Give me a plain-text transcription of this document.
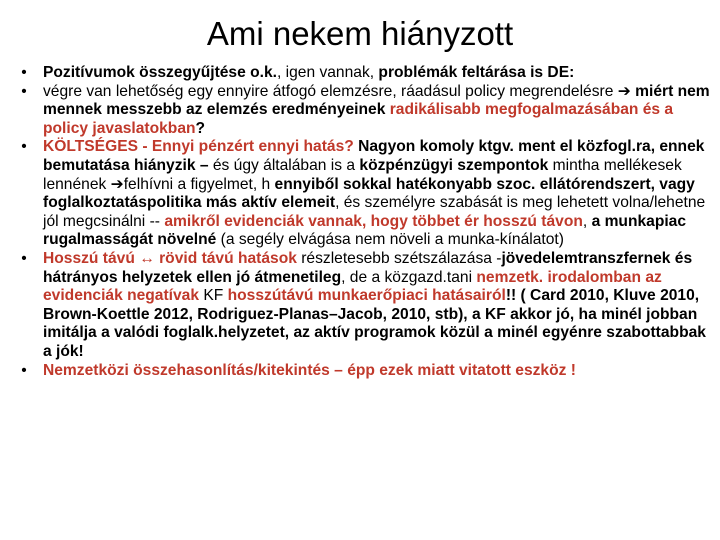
Ami nekem hiányzott
•	Pozitívumok összegyűjtése o.k., igen vannak, problémák feltárása is DE:
•	végre van lehetőség egy ennyire átfogó elemzésre, ráadásul policy megrendelésre ➔ miért nem mennek messzebb az elemzés eredményeinek radikálisabb megfogalmazásában és a policy javaslatokban?
•	KÖLTSÉGES - Ennyi pénzért ennyi hatás? Nagyon komoly ktgv. ment el közfogl.ra, ennek bemutatása hiányzik – és úgy általában is a közpénzügyi szempontok mintha mellékesek lennének ➔felhívni a figyelmet, h ennyiből sokkal hatékonyabb szoc. ellátórendszert, vagy foglalkoztatáspolitika más aktív elemeit, és személyre szabását is meg lehetett volna/lehetne jól megcsinálni -- amikről evidenciák vannak, hogy többet ér hosszú távon, a munkapiac rugalmasságát növelné (a segély elvágása nem növeli a munka-kínálatot)
•	Hosszú távú ↔ rövid távú hatások részletesebb szétszálazása -jövedelemtranszfernek és hátrányos helyzetek ellen jó átmenetileg, de a közgazd.tani nemzetk. irodalomban az evidenciák negatívak KF hosszútávú munkaerőpiaci hatásairól!! ( Card 2010, Kluve 2010, Brown-Koettle 2012, Rodriguez-Planas–Jacob, 2010, stb), a KF akkor jó, ha minél jobban imitálja a valódi foglalk.helyzetet, az aktív programok közül a minél egyénre szabottabbak a jók!
•	Nemzetközi összehasonlítás/kitekintés – épp ezek miatt vitatott eszköz !
